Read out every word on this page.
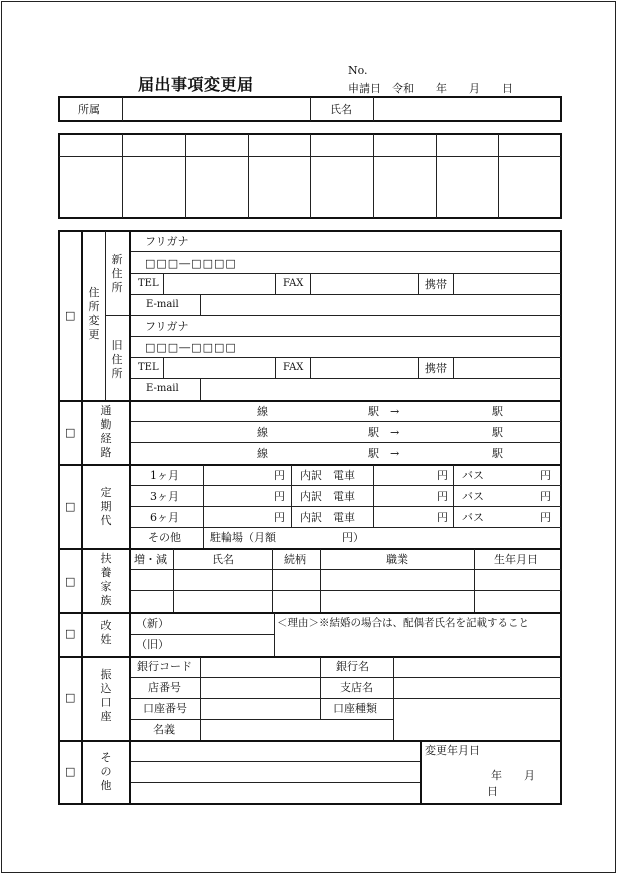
届出事項変更届
No.
申請日　令和　　年　　月　　日
所属	氏名
□
住所変更
新住所
旧住所
フリガナ
□□□―□□□□
TEL	FAX	携帯
E-mail
フリガナ
□□□―□□□□
TEL	FAX	携帯
E-mail
□
通勤経路
線	駅　→	駅
線	駅　→	駅
線	駅　→	駅
□
定期代
1ヶ月	円 内訳　電車	円 バス	円
3ヶ月	円 内訳　電車	円 バス	円
6ヶ月	円 内訳　電車	円 バス	円
その他	駐輪場（月額　　　　　　円）
□
扶養家族
増・減	氏名	続柄	職業	生年月日
□
改姓
（新）
（旧）
＜理由＞※結婚の場合は、配偶者氏名を記載すること
□
振込口座
銀行コード	銀行名
店番号	支店名
口座番号	口座種類
名義
□
その他
変更年月日
年　　月
日
